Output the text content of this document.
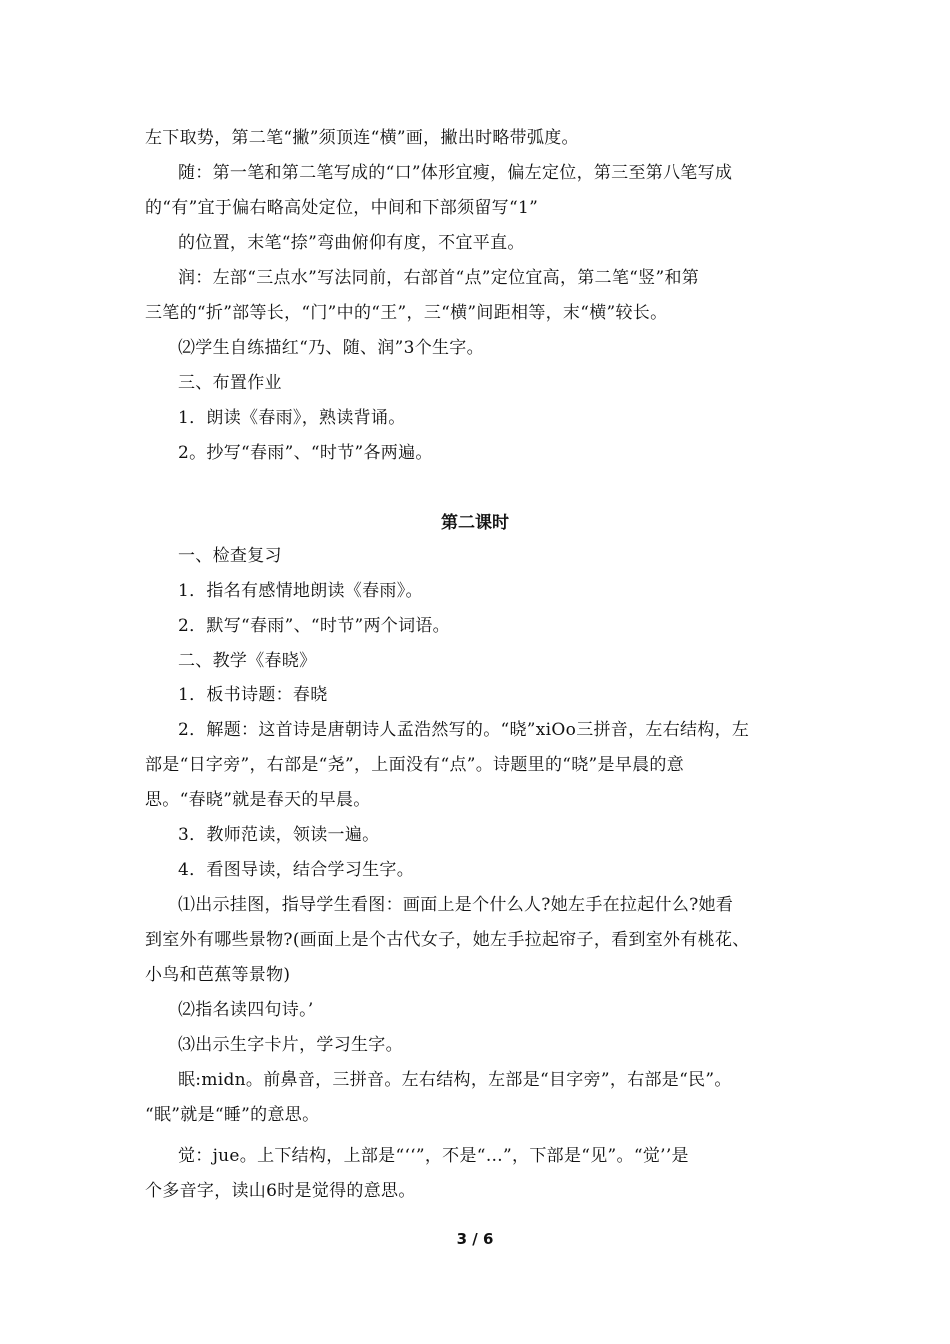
左下取势，第二笔“撇”须顶连“横”画，撇出时略带弧度。
随：第一笔和第二笔写成的“口”体形宜瘦，偏左定位，第三至第八笔写成
的“有”宜于偏右略高处定位，中间和下部须留写“1”
的位置，末笔“捺”弯曲俯仰有度，不宜平直。
润：左部“三点水”写法同前，右部首“点”定位宜高，第二笔“竖”和第
三笔的“折”部等长，“门”中的“王”，三“横”间距相等，末“横”较长。
⑵学生自练描红“乃、随、润”3个生字。
三、布置作业
1．朗读《春雨》，熟读背诵。
2。抄写“春雨”、“时节”各两遍。
第二课时
一、检查复习
1．指名有感情地朗读《春雨》。
2．默写“春雨”、“时节”两个词语。
二、教学《春晓》
1．板书诗题：春晓
2．解题：这首诗是唐朝诗人孟浩然写的。“晓”xiOo三拼音，左右结构，左
部是“日字旁”，右部是“尧”，上面没有“点”。诗题里的“晓”是早晨的意
思。“春晓”就是春天的早晨。
3．教师范读，领读一遍。
4．看图导读，结合学习生字。
⑴出示挂图，指导学生看图：画面上是个什么人?她左手在拉起什么?她看
到室外有哪些景物?(画面上是个古代女子，她左手拉起帘子，看到室外有桃花、
小鸟和芭蕉等景物)
⑵指名读四句诗。’
⑶出示生字卡片，学习生字。
眠:midn。前鼻音，三拼音。左右结构，左部是“目字旁”，右部是“民”。
“眠”就是“睡”的意思。
觉：jue。上下结构，上部是“‘‘”，不是“…”，下部是“见”。“觉’’是
个多音字，读山6时是觉得的意思。
3 / 6
